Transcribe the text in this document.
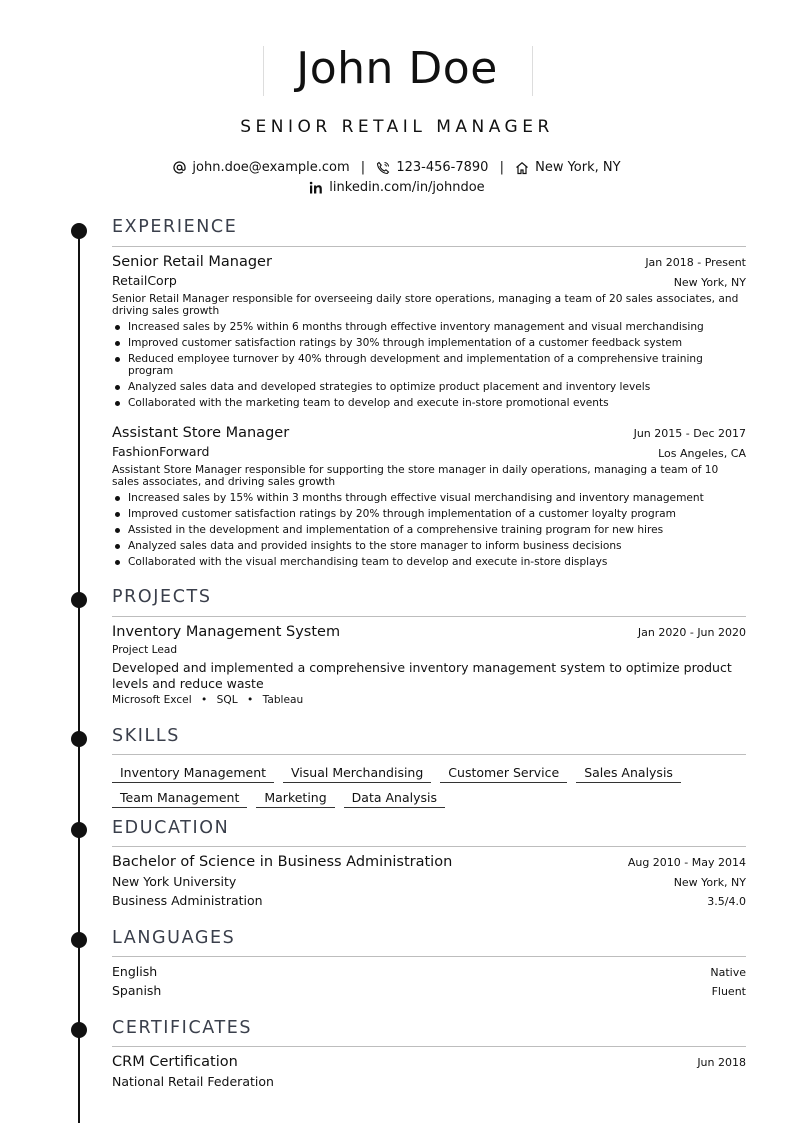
John Doe
SENIOR RETAIL MANAGER
john.doe@example.com | 123-456-7890 | New York, NY
linkedin.com/in/johndoe
EXPERIENCE
Senior Retail Manager	Jan 2018 - Present
RetailCorp	New York, NY
Senior Retail Manager responsible for overseeing daily store operations, managing a team of 20 sales associates, and driving sales growth
Increased sales by 25% within 6 months through effective inventory management and visual merchandising
Improved customer satisfaction ratings by 30% through implementation of a customer feedback system
Reduced employee turnover by 40% through development and implementation of a comprehensive training program
Analyzed sales data and developed strategies to optimize product placement and inventory levels
Collaborated with the marketing team to develop and execute in-store promotional events
Assistant Store Manager	Jun 2015 - Dec 2017
FashionForward	Los Angeles, CA
Assistant Store Manager responsible for supporting the store manager in daily operations, managing a team of 10 sales associates, and driving sales growth
Increased sales by 15% within 3 months through effective visual merchandising and inventory management
Improved customer satisfaction ratings by 20% through implementation of a customer loyalty program
Assisted in the development and implementation of a comprehensive training program for new hires
Analyzed sales data and provided insights to the store manager to inform business decisions
Collaborated with the visual merchandising team to develop and execute in-store displays
PROJECTS
Inventory Management System	Jan 2020 - Jun 2020
Project Lead
Developed and implemented a comprehensive inventory management system to optimize product levels and reduce waste
Microsoft Excel • SQL • Tableau
SKILLS
Inventory Management Visual Merchandising Customer Service Sales Analysis
Team Management Marketing Data Analysis
EDUCATION
Bachelor of Science in Business Administration	Aug 2010 - May 2014
New York University	New York, NY
Business Administration	3.5/4.0
LANGUAGES
English	Native
Spanish	Fluent
CERTIFICATES
CRM Certification	Jun 2018
National Retail Federation
